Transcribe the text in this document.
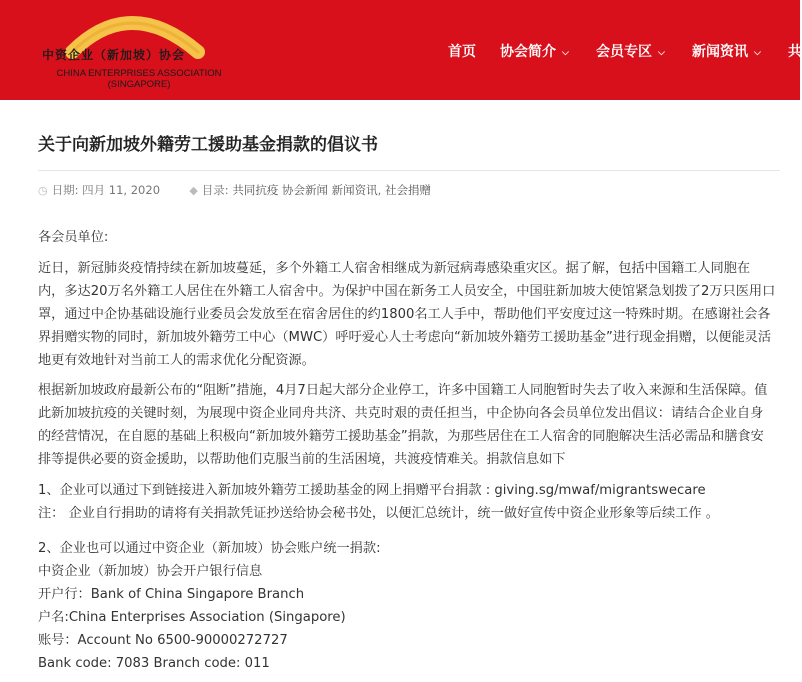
中资企业（新加坡）协会
CHINA ENTERPRISES ASSOCIATION
(SINGAPORE)
首页 协会简介 ⌵ 会员专区 ⌵ 新闻资讯 ⌵ 共
关于向新加坡外籍劳工援助基金捐款的倡议书
◷ 日期: 四月 11, 2020	◆ 目录: 共同抗疫 协会新闻 新闻资讯, 社会捐赠

各会员单位:

近日，新冠肺炎疫情持续在新加坡蔓延，多个外籍工人宿舍相继成为新冠病毒感染重灾区。据了解，包括中国籍工人同胞在
内，多达20万名外籍工人居住在外籍工人宿舍中。为保护中国在新务工人员安全，中国驻新加坡大使馆紧急划拨了2万只医用口
罩，通过中企协基础设施行业委员会发放至在宿舍居住的约1800名工人手中，帮助他们平安度过这一特殊时期。在感谢社会各
界捐赠实物的同时，新加坡外籍劳工中心（MWC）呼吁爱心人士考虑向“新加坡外籍劳工援助基金”进行现金捐赠，以便能灵活
地更有效地针对当前工人的需求优化分配资源。
根据新加坡政府最新公布的“阻断”措施，4月7日起大部分企业停工，许多中国籍工人同胞暂时失去了收入来源和生活保障。值
此新加坡抗疫的关键时刻，为展现中资企业同舟共济、共克时艰的责任担当，中企协向各会员单位发出倡议：请结合企业自身
的经营情况，在自愿的基础上积极向“新加坡外籍劳工援助基金”捐款，为那些居住在工人宿舍的同胞解决生活必需品和膳食安
排等提供必要的资金援助，以帮助他们克服当前的生活困境，共渡疫情难关。捐款信息如下
1、企业可以通过下到链接进入新加坡外籍劳工援助基金的网上捐赠平台捐款 : giving.sg/mwaf/migrantswecare
注： 企业自行捐助的请将有关捐款凭证抄送给协会秘书处，以便汇总统计，统一做好宣传中资企业形象等后续工作 。
2、企业也可以通过中资企业（新加坡）协会账户统一捐款:
中资企业（新加坡）协会开户银行信息
开户行：Bank of China Singapore Branch
户名:China Enterprises Association (Singapore)
账号：Account No 6500-90000272727
Bank code: 7083 Branch code: 011
